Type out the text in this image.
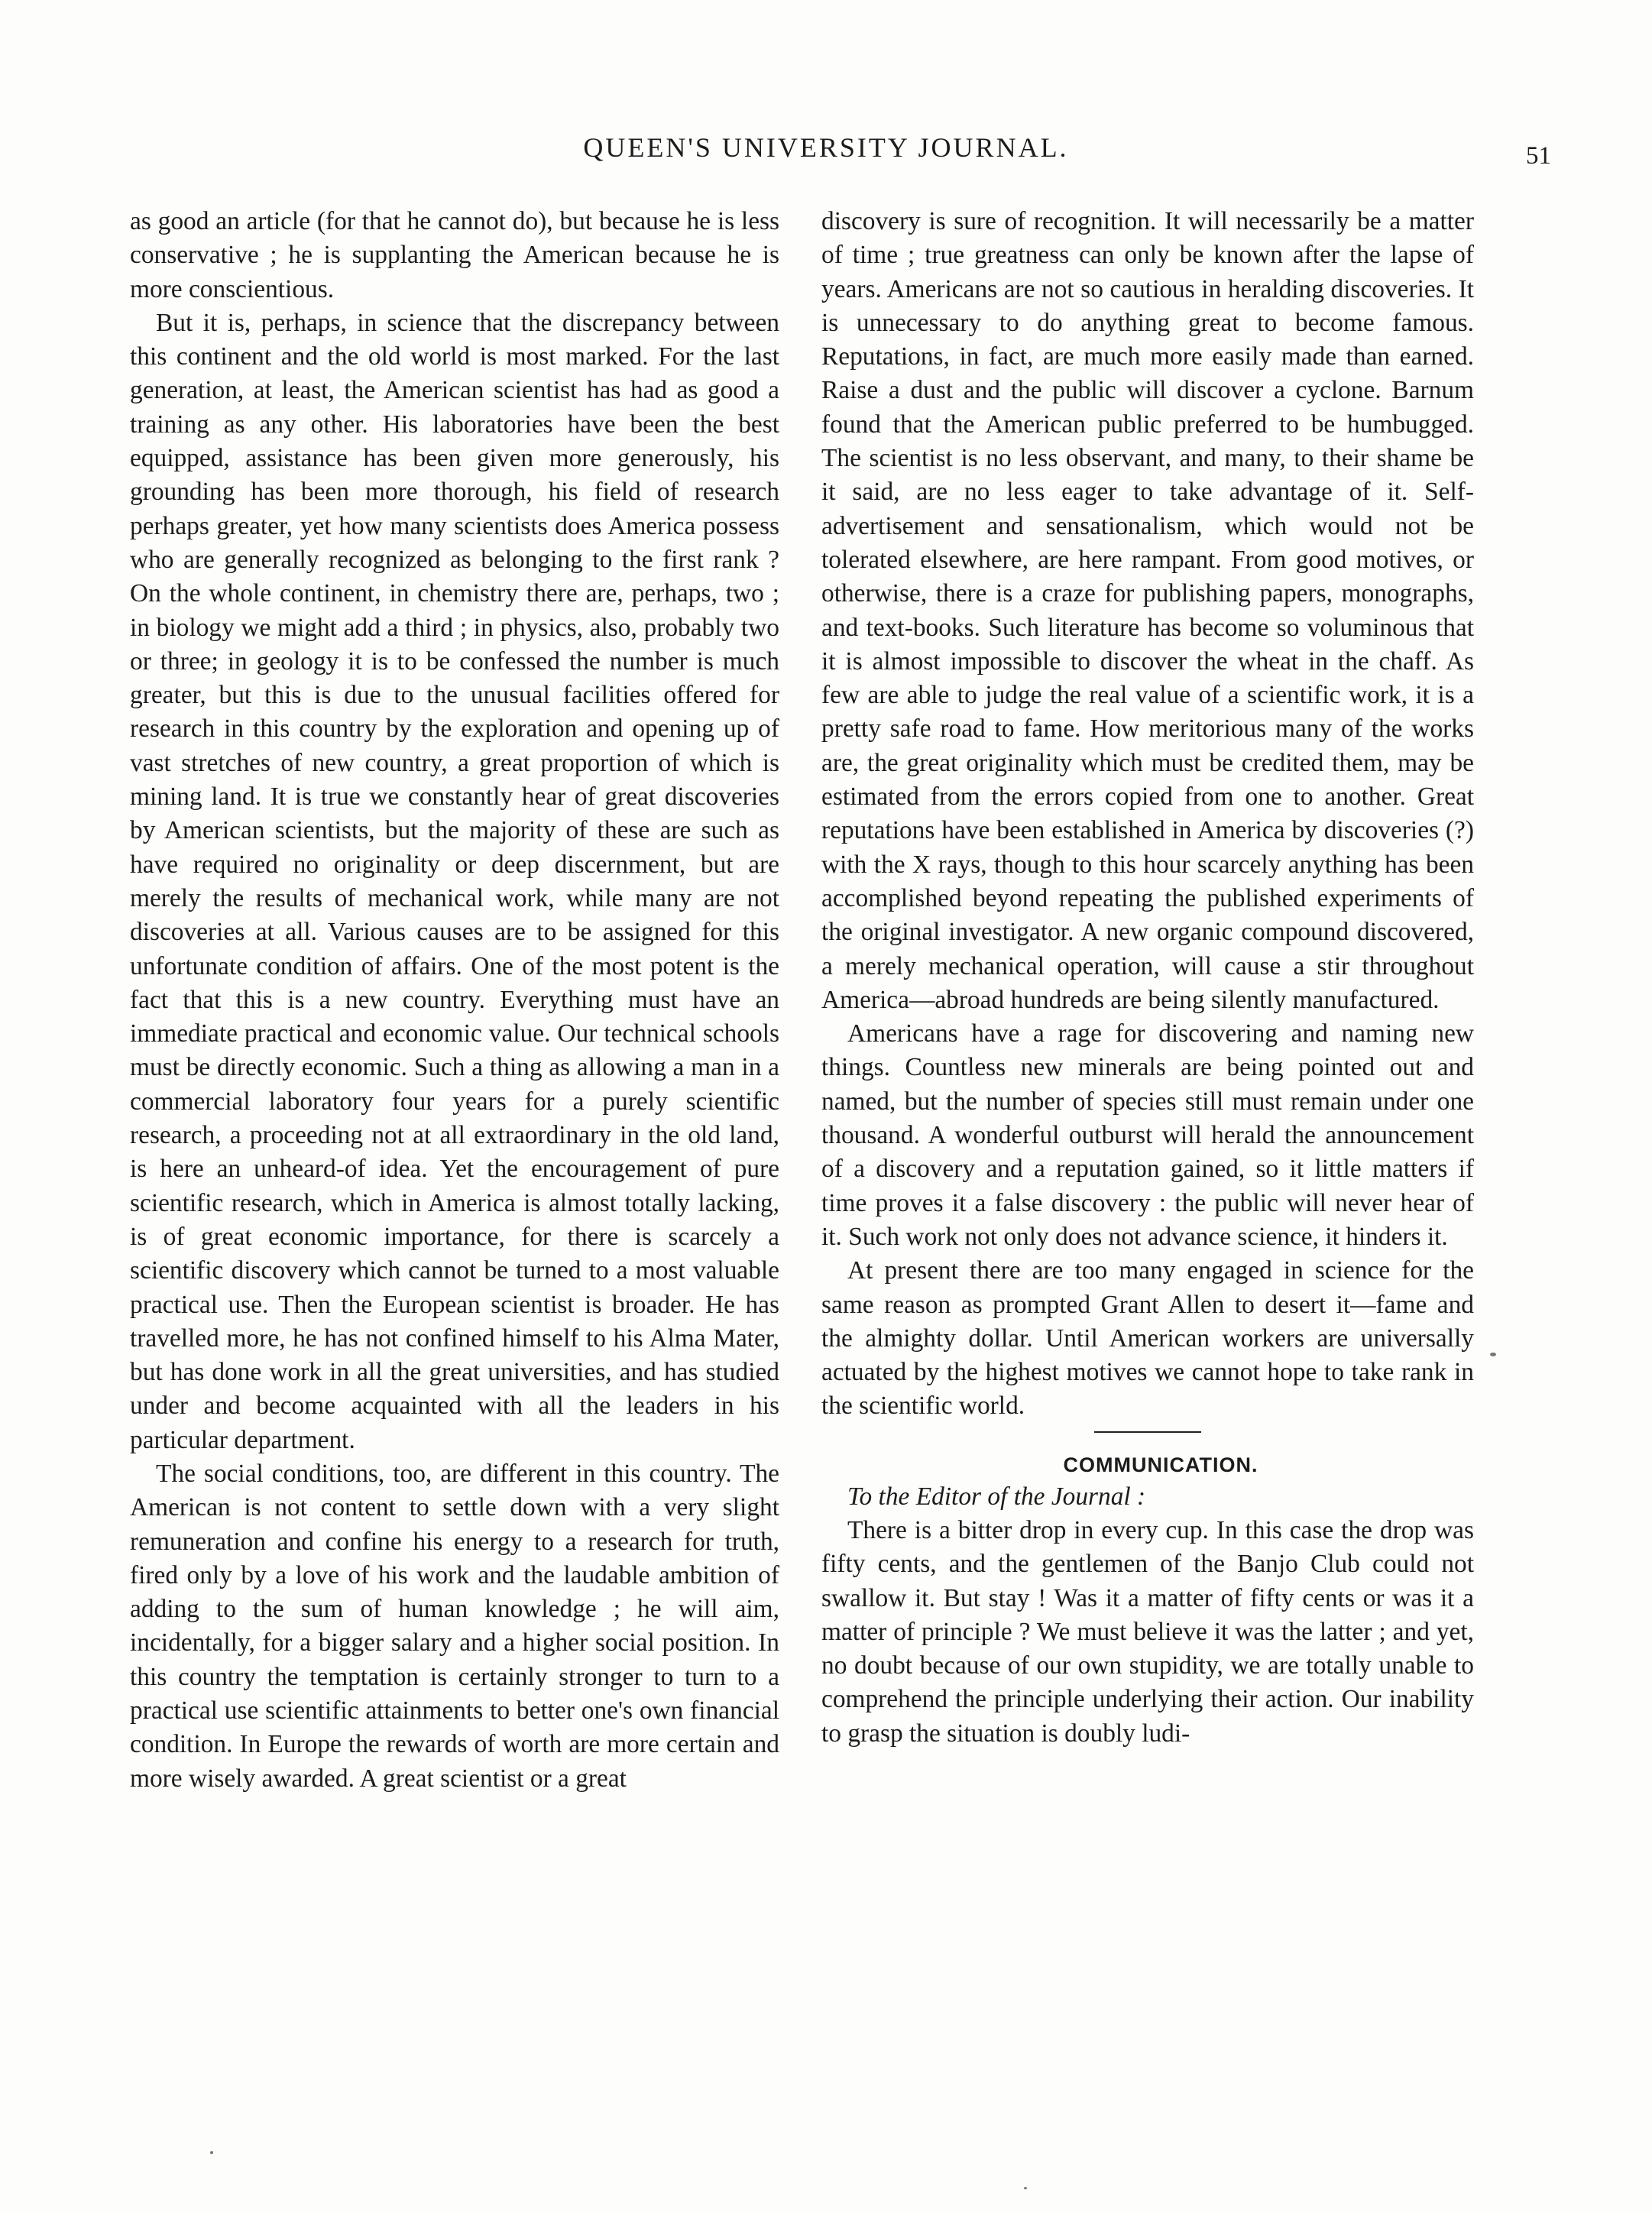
QUEEN'S UNIVERSITY JOURNAL.	51

as good an article (for that he cannot do), but because he is less conservative ; he is supplanting the American because he is more conscientious.

But it is, perhaps, in science that the discrepancy between this continent and the old world is most marked. For the last generation, at least, the American scientist has had as good a training as any other. His laboratories have been the best equipped, assistance has been given more generously, his grounding has been more thorough, his field of research perhaps greater, yet how many scientists does America possess who are generally recognized as belonging to the first rank ? On the whole continent, in chemistry there are, perhaps, two ; in biology we might add a third ; in physics, also, probably two or three; in geology it is to be confessed the number is much greater, but this is due to the unusual facilities offered for research in this country by the exploration and opening up of vast stretches of new country, a great proportion of which is mining land. It is true we constantly hear of great discoveries by American scientists, but the majority of these are such as have required no originality or deep discernment, but are merely the results of mechanical work, while many are not discoveries at all. Various causes are to be assigned for this unfortunate condition of affairs. One of the most potent is the fact that this is a new country. Everything must have an immediate practical and economic value. Our technical schools must be directly economic. Such a thing as allowing a man in a commercial laboratory four years for a purely scientific research, a proceeding not at all extraordinary in the old land, is here an unheard-of idea. Yet the encouragement of pure scientific research, which in America is almost totally lacking, is of great economic importance, for there is scarcely a scientific discovery which cannot be turned to a most valuable practical use. Then the European scientist is broader. He has travelled more, he has not confined himself to his Alma Mater, but has done work in all the great universities, and has studied under and become acquainted with all the leaders in his particular department.

The social conditions, too, are different in this country. The American is not content to settle down with a very slight remuneration and confine his energy to a research for truth, fired only by a love of his work and the laudable ambition of adding to the sum of human knowledge ; he will aim, incidentally, for a bigger salary and a higher social position. In this country the temptation is certainly stronger to turn to a practical use scientific attainments to better one's own financial condition. In Europe the rewards of worth are more certain and more wisely awarded. A great scientist or a great

discovery is sure of recognition. It will necessarily be a matter of time ; true greatness can only be known after the lapse of years. Americans are not so cautious in heralding discoveries. It is unnecessary to do anything great to become famous. Reputations, in fact, are much more easily made than earned. Raise a dust and the public will discover a cyclone. Barnum found that the American public preferred to be humbugged. The scientist is no less observant, and many, to their shame be it said, are no less eager to take advantage of it. Self-advertisement and sensationalism, which would not be tolerated elsewhere, are here rampant. From good motives, or otherwise, there is a craze for publishing papers, monographs, and text-books. Such literature has become so voluminous that it is almost impossible to discover the wheat in the chaff. As few are able to judge the real value of a scientific work, it is a pretty safe road to fame. How meritorious many of the works are, the great originality which must be credited them, may be estimated from the errors copied from one to another. Great reputations have been established in America by discoveries (?) with the X rays, though to this hour scarcely anything has been accomplished beyond repeating the published experiments of the original investigator. A new organic compound discovered, a merely mechanical operation, will cause a stir throughout America—abroad hundreds are being silently manufactured.

Americans have a rage for discovering and naming new things. Countless new minerals are being pointed out and named, but the number of species still must remain under one thousand. A wonderful outburst will herald the announcement of a discovery and a reputation gained, so it little matters if time proves it a false discovery : the public will never hear of it. Such work not only does not advance science, it hinders it.

At present there are too many engaged in science for the same reason as prompted Grant Allen to desert it—fame and the almighty dollar. Until American workers are universally actuated by the highest motives we cannot hope to take rank in the scientific world.

COMMUNICATION.

To the Editor of the Journal :

There is a bitter drop in every cup. In this case the drop was fifty cents, and the gentlemen of the Banjo Club could not swallow it. But stay ! Was it a matter of fifty cents or was it a matter of principle ? We must believe it was the latter ; and yet, no doubt because of our own stupidity, we are totally unable to comprehend the principle underlying their action. Our inability to grasp the situation is doubly ludi-
